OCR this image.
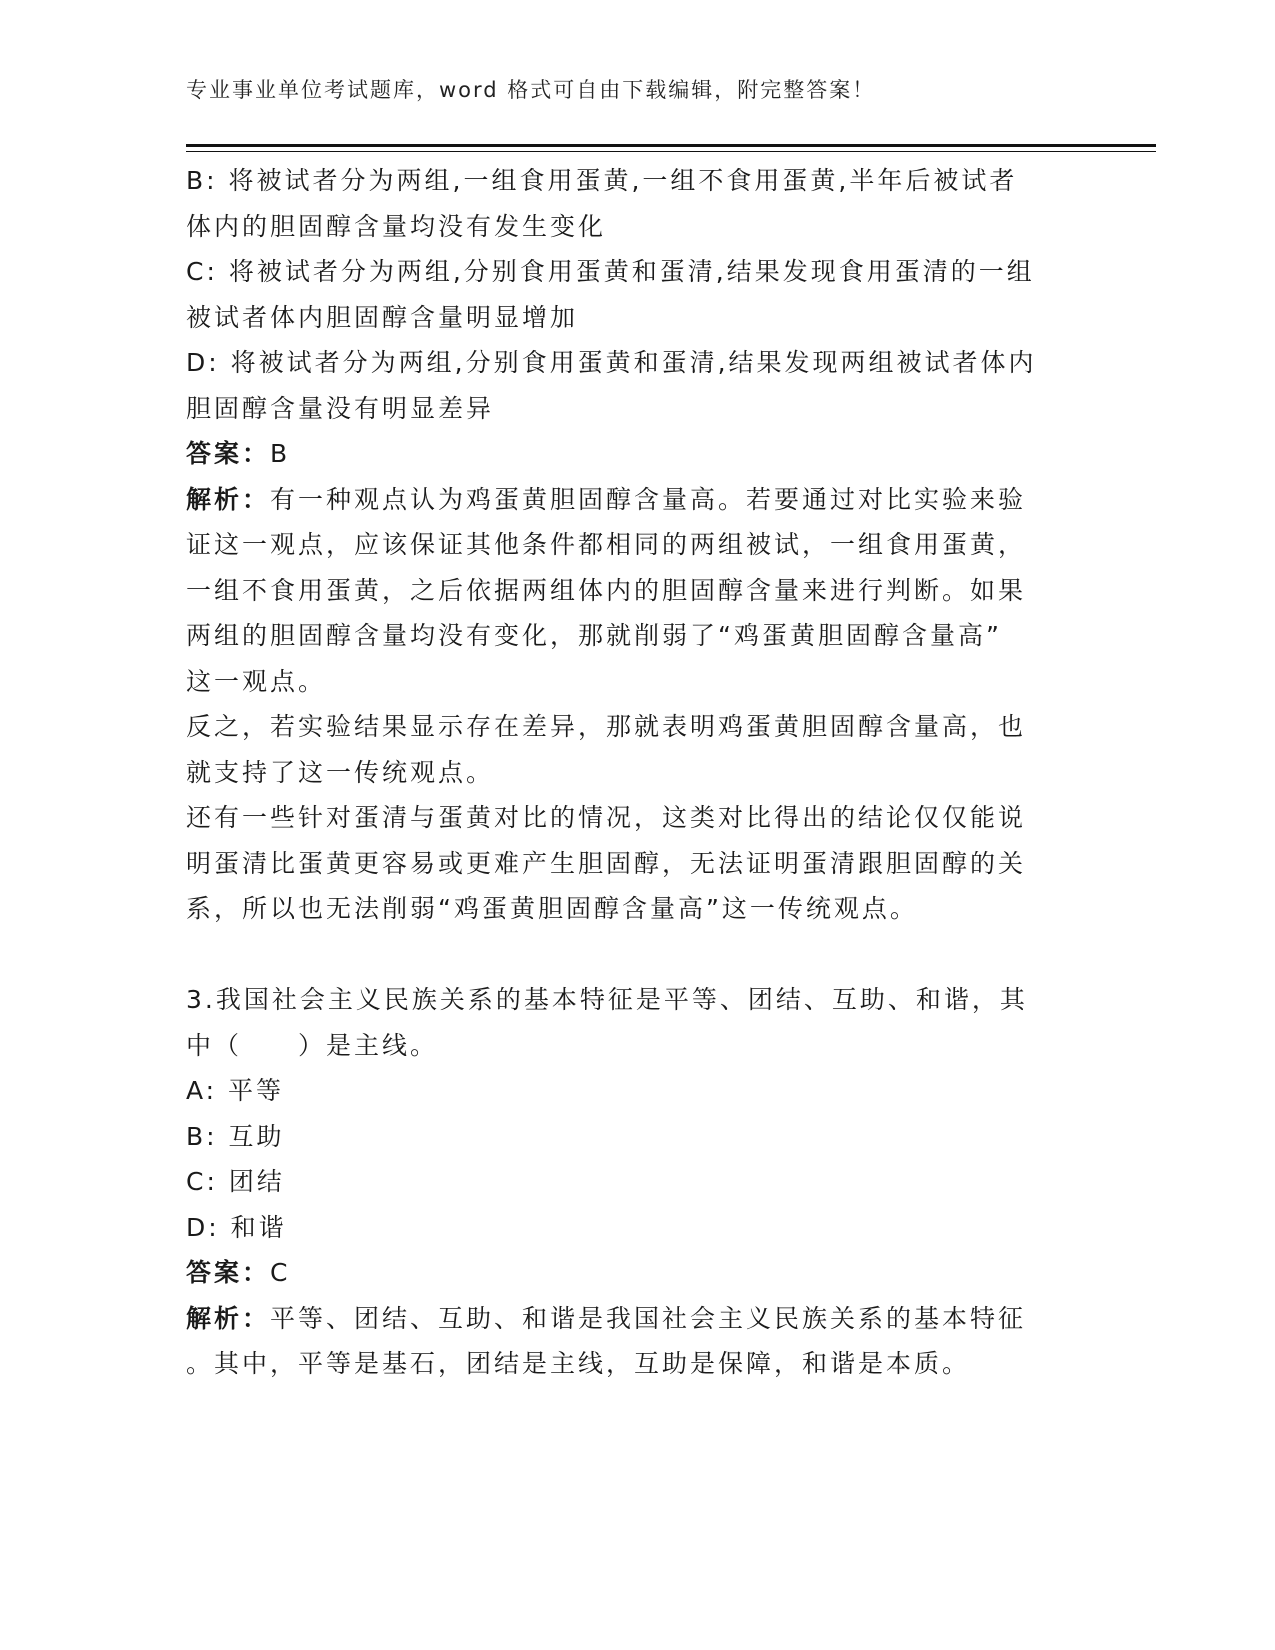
专业事业单位考试题库，word 格式可自由下载编辑，附完整答案！
B: 将被试者分为两组,一组食用蛋黄,一组不食用蛋黄,半年后被试者
体内的胆固醇含量均没有发生变化
C: 将被试者分为两组,分别食用蛋黄和蛋清,结果发现食用蛋清的一组
被试者体内胆固醇含量明显增加
D: 将被试者分为两组,分别食用蛋黄和蛋清,结果发现两组被试者体内
胆固醇含量没有明显差异
答案：B
解析：有一种观点认为鸡蛋黄胆固醇含量高。若要通过对比实验来验
证这一观点，应该保证其他条件都相同的两组被试，一组食用蛋黄，
一组不食用蛋黄，之后依据两组体内的胆固醇含量来进行判断。如果
两组的胆固醇含量均没有变化，那就削弱了“鸡蛋黄胆固醇含量高”
这一观点。
反之，若实验结果显示存在差异，那就表明鸡蛋黄胆固醇含量高，也
就支持了这一传统观点。
还有一些针对蛋清与蛋黄对比的情况，这类对比得出的结论仅仅能说
明蛋清比蛋黄更容易或更难产生胆固醇，无法证明蛋清跟胆固醇的关
系，所以也无法削弱“鸡蛋黄胆固醇含量高”这一传统观点。
3.我国社会主义民族关系的基本特征是平等、团结、互助、和谐，其
中（　　）是主线。
A: 平等
B: 互助
C: 团结
D: 和谐
答案：C
解析：平等、团结、互助、和谐是我国社会主义民族关系的基本特征
。其中，平等是基石，团结是主线，互助是保障，和谐是本质。
